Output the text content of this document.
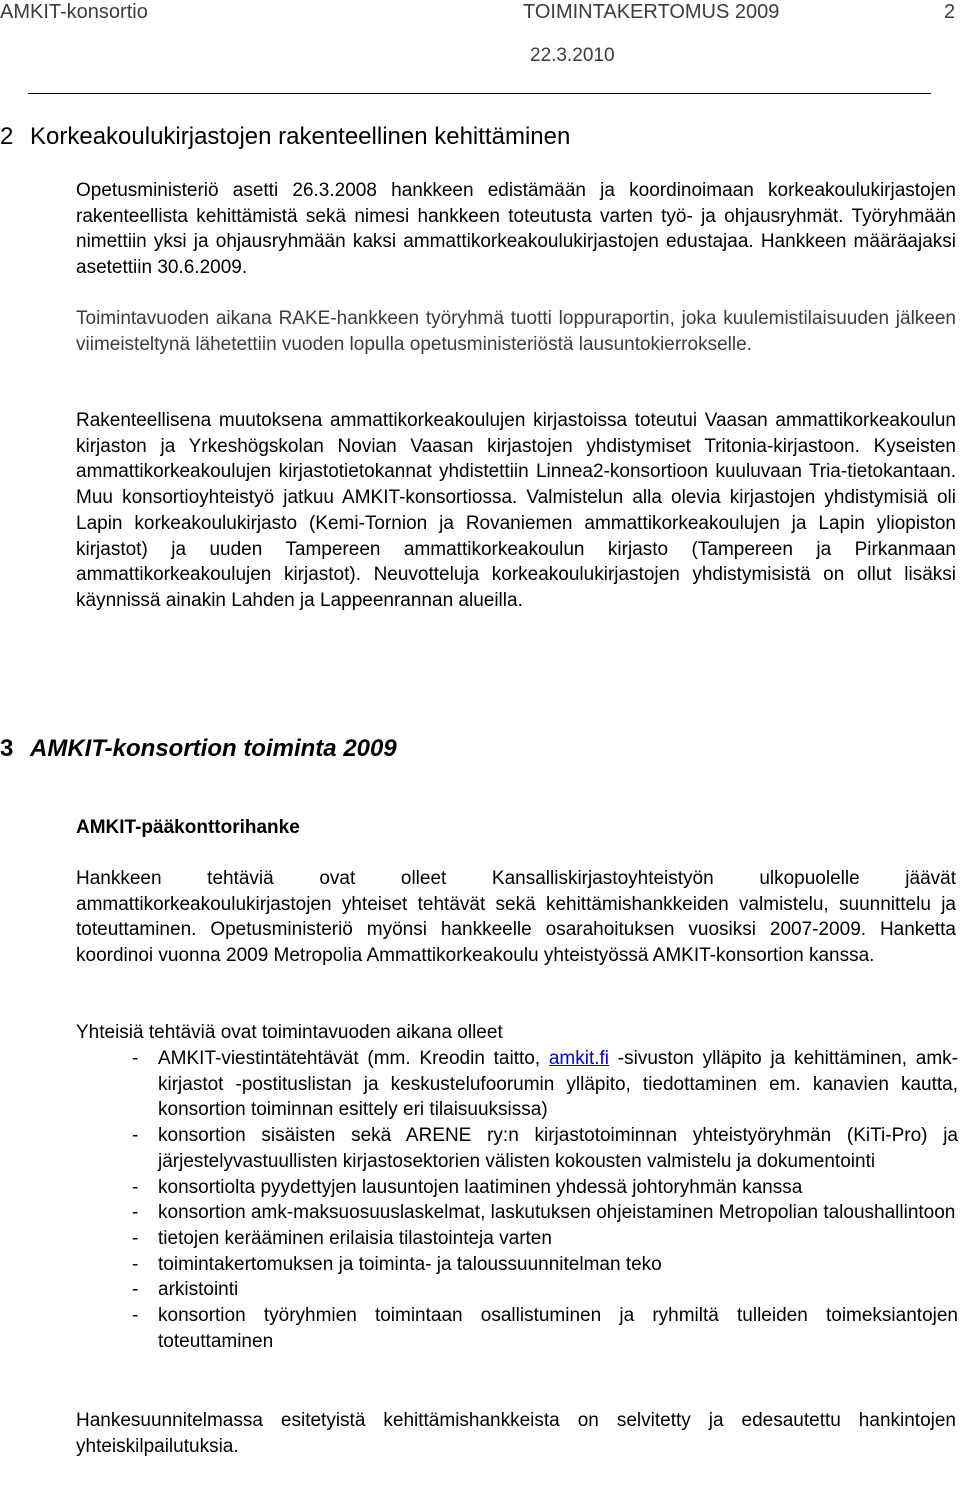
AMKIT-konsortio	TOIMINTAKERTOMUS 2009	2
22.3.2010
2 Korkeakoulukirjastojen rakenteellinen kehittäminen

Opetusministeriö asetti 26.3.2008 hankkeen edistämään ja koordinoimaan korkeakoulukirjastojen rakenteellista kehittämistä sekä nimesi hankkeen toteutusta varten työ- ja ohjausryhmät. Työryhmään nimettiin yksi ja ohjausryhmään kaksi ammattikorkeakoulukirjastojen edustajaa. Hankkeen määräajaksi asetettiin 30.6.2009.

Toimintavuoden aikana RAKE-hankkeen työryhmä tuotti loppuraportin, joka kuulemistilaisuuden jälkeen viimeisteltynä lähetettiin vuoden lopulla opetusministeriöstä lausuntokierrokselle.

Rakenteellisena muutoksena ammattikorkeakoulujen kirjastoissa toteutui Vaasan ammattikorkeakoulun kirjaston ja Yrkeshögskolan Novian Vaasan kirjastojen yhdistymiset Tritonia-kirjastoon. Kyseisten ammattikorkeakoulujen kirjastotietokannat yhdistettiin Linnea2-konsortioon kuuluvaan Tria-tietokantaan. Muu konsortioyhteistyö jatkuu AMKIT-konsortiossa. Valmistelun alla olevia kirjastojen yhdistymisiä oli Lapin korkeakoulukirjasto (Kemi-Tornion ja Rovaniemen ammattikorkeakoulujen ja Lapin yliopiston kirjastot) ja uuden Tampereen ammattikorkeakoulun kirjasto (Tampereen ja Pirkanmaan ammattikorkeakoulujen kirjastot). Neuvotteluja korkeakoulukirjastojen yhdistymisistä on ollut lisäksi käynnissä ainakin Lahden ja Lappeenrannan alueilla.

3 AMKIT-konsortion toiminta 2009
AMKIT-pääkonttorihanke

Hankkeen tehtäviä ovat olleet Kansalliskirjastoyhteistyön ulkopuolelle jäävät ammattikorkeakoulukirjastojen yhteiset tehtävät sekä kehittämishankkeiden valmistelu, suunnittelu ja toteuttaminen. Opetusministeriö myönsi hankkeelle osarahoituksen vuosiksi 2007-2009. Hanketta koordinoi vuonna 2009 Metropolia Ammattikorkeakoulu yhteistyössä AMKIT-konsortion kanssa.

Yhteisiä tehtäviä ovat toimintavuoden aikana olleet

- AMKIT-viestintätehtävät (mm. Kreodin taitto, amkit.fi -sivuston ylläpito ja kehittäminen, amk-kirjastot -postituslistan ja keskustelufoorumin ylläpito, tiedottaminen em. kanavien kautta, konsortion toiminnan esittely eri tilaisuuksissa)
- konsortion sisäisten sekä ARENE ry:n kirjastotoiminnan yhteistyöryhmän (KiTi-Pro) ja järjestelyvastuullisten kirjastosektorien välisten kokousten valmistelu ja dokumentointi
- konsortiolta pyydettyjen lausuntojen laatiminen yhdessä johtoryhmän kanssa
- konsortion amk-maksuosuuslaskelmat, laskutuksen ohjeistaminen Metropolian taloushallintoon
- tietojen kerääminen erilaisia tilastointeja varten
- toimintakertomuksen ja toiminta- ja taloussuunnitelman teko
- arkistointi
- konsortion työryhmien toimintaan osallistuminen ja ryhmiltä tulleiden toimeksiantojen toteuttaminen

Hankesuunnitelmassa esitetyistä kehittämishankkeista on selvitetty ja edesautettu hankintojen yhteiskilpailutuksia.
